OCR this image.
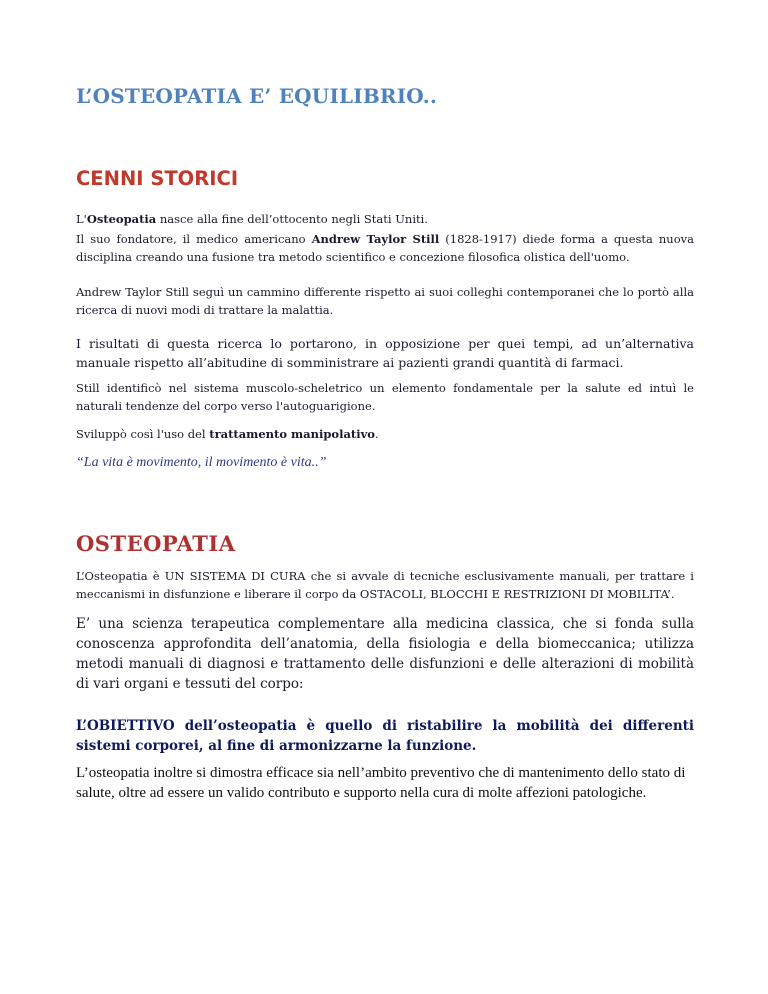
L’OSTEOPATIA E’ EQUILIBRIO..
CENNI STORICI

L'Osteopatia nasce alla fine dell’ottocento negli Stati Uniti.

Il suo fondatore, il medico americano Andrew Taylor Still (1828-1917) diede forma a questa nuova disciplina creando una fusione tra metodo scientifico e concezione filosofica olistica dell'uomo.

Andrew Taylor Still seguì un cammino differente rispetto ai suoi colleghi contemporanei che lo portò alla ricerca di nuovi modi di trattare la malattia.

I risultati di questa ricerca lo portarono, in opposizione per quei tempi, ad un’alternativa manuale rispetto all’abitudine di somministrare ai pazienti grandi quantità di farmaci.

Still identificò nel sistema muscolo-scheletrico un elemento fondamentale per la salute ed intuì le naturali tendenze del corpo verso l'autoguarigione.

Sviluppò così l'uso del trattamento manipolativo.

“La vita è movimento, il movimento è vita..”

OSTEOPATIA

L’Osteopatia è UN SISTEMA DI CURA che si avvale di tecniche esclusivamente manuali, per trattare i meccanismi in disfunzione e liberare il corpo da OSTACOLI, BLOCCHI E RESTRIZIONI DI MOBILITA’.

E’ una scienza terapeutica complementare alla medicina classica, che si fonda sulla conoscenza approfondita dell’anatomia, della fisiologia e della biomeccanica; utilizza metodi manuali di diagnosi e trattamento delle disfunzioni e delle alterazioni di mobilità di vari organi e tessuti del corpo:

L’OBIETTIVO dell’osteopatia è quello di ristabilire la mobilità dei differenti sistemi corporei, al fine di armonizzarne la funzione.

L’osteopatia inoltre si dimostra efficace sia nell’ambito preventivo che di mantenimento dello stato di salute, oltre ad essere un valido contributo e supporto nella cura di molte affezioni patologiche.
